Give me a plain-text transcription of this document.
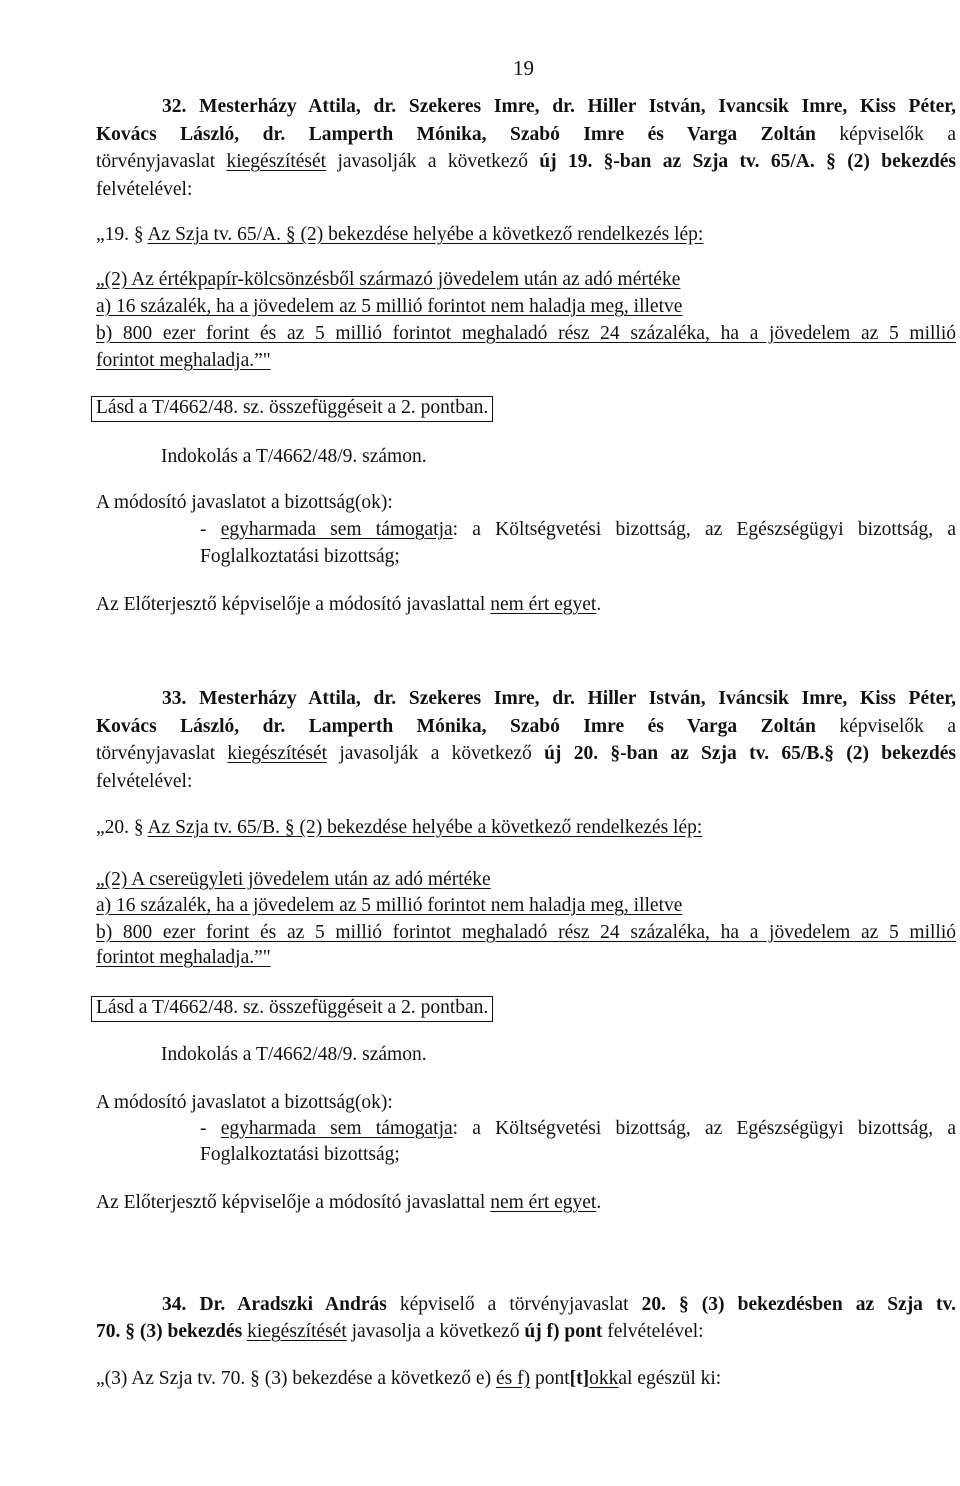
19
32. Mesterházy Attila, dr. Szekeres Imre, dr. Hiller István, Ivancsik Imre, Kiss Péter,
Kovács László, dr. Lamperth Mónika, Szabó Imre és Varga Zoltán képviselők a
törvényjavaslat kiegészítését javasolják a következő új 19. §-ban az Szja tv. 65/A. § (2) bekezdés
felvételével:
„19. § Az Szja tv. 65/A. § (2) bekezdése helyébe a következő rendelkezés lép:
„(2) Az értékpapír-kölcsönzésből származó jövedelem után az adó mértéke
a) 16 százalék, ha a jövedelem az 5 millió forintot nem haladja meg, illetve
b) 800 ezer forint és az 5 millió forintot meghaladó rész 24 százaléka, ha a jövedelem az 5 millió
forintot meghaladja.”"
Lásd a T/4662/48. sz. összefüggéseit a 2. pontban.
Indokolás a T/4662/48/9. számon.
A módosító javaslatot a bizottság(ok):
- egyharmada sem támogatja: a Költségvetési bizottság, az Egészségügyi bizottság, a
Foglalkoztatási bizottság;
Az Előterjesztő képviselője a módosító javaslattal nem ért egyet.
33. Mesterházy Attila, dr. Szekeres Imre, dr. Hiller István, Iváncsik Imre, Kiss Péter,
Kovács László, dr. Lamperth Mónika, Szabó Imre és Varga Zoltán képviselők a
törvényjavaslat kiegészítését javasolják a következő új 20. §-ban az Szja tv. 65/B.§ (2) bekezdés
felvételével:
„20. § Az Szja tv. 65/B. § (2) bekezdése helyébe a következő rendelkezés lép:
„(2) A csereügyleti jövedelem után az adó mértéke
a) 16 százalék, ha a jövedelem az 5 millió forintot nem haladja meg, illetve
b) 800 ezer forint és az 5 millió forintot meghaladó rész 24 százaléka, ha a jövedelem az 5 millió
forintot meghaladja.”"
Lásd a T/4662/48. sz. összefüggéseit a 2. pontban.
Indokolás a T/4662/48/9. számon.
A módosító javaslatot a bizottság(ok):
- egyharmada sem támogatja: a Költségvetési bizottság, az Egészségügyi bizottság, a
Foglalkoztatási bizottság;
Az Előterjesztő képviselője a módosító javaslattal nem ért egyet.
34. Dr. Aradszki András képviselő a törvényjavaslat 20. § (3) bekezdésben az Szja tv.
70. § (3) bekezdés kiegészítését javasolja a következő új f) pont felvételével:
„(3) Az Szja tv. 70. § (3) bekezdése a következő e) és f) pont[t]okkal egészül ki:
